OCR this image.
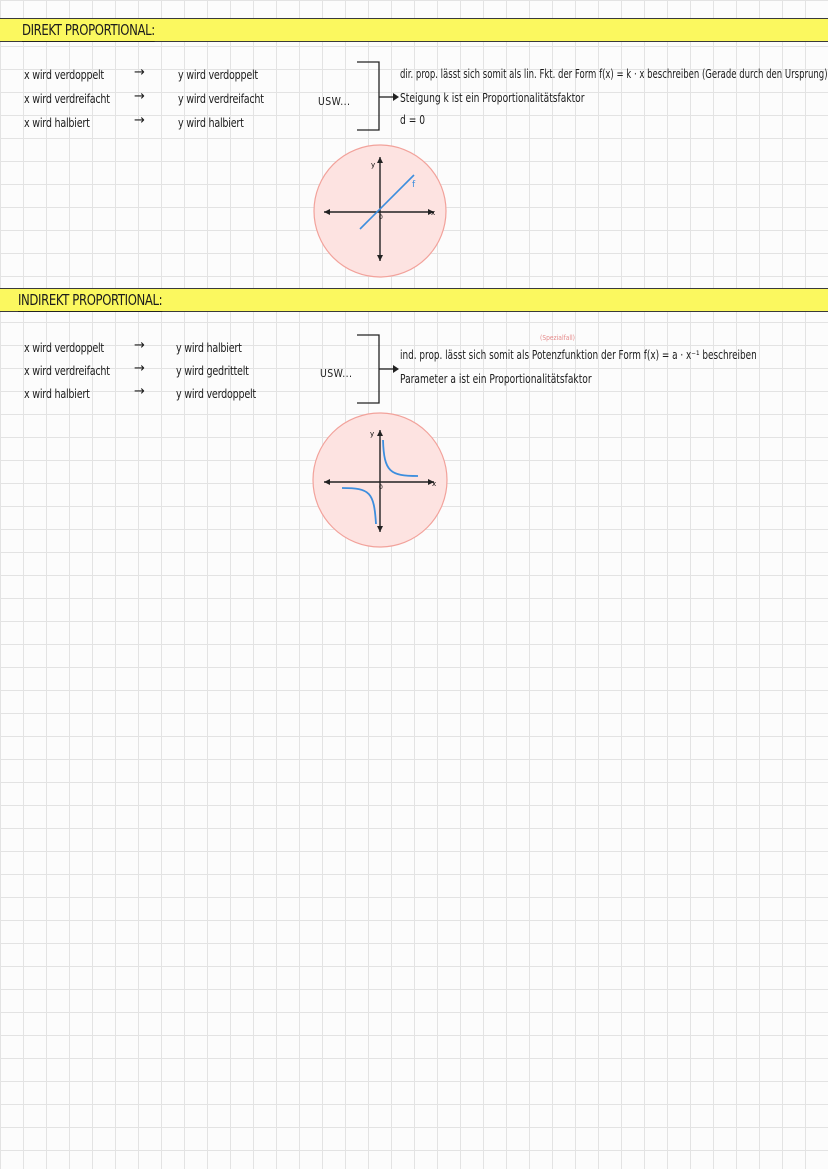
DIREKT PROPORTIONAL:
x wird verdoppelt →	y wird verdoppelt
x wird verdreifacht →	y wird verdreifacht
x wird halbiert	→	y wird halbiert
USW...
dir. prop. lässt sich somit als lin. Fkt. der Form f(x) = k · x beschreiben (Gerade durch den Ursprung)
Steigung k ist ein Proportionalitätsfaktor
d = 0
y
x
0
f
INDIREKT PROPORTIONAL:
x wird verdoppelt →	y wird halbiert
x wird verdreifacht →	y wird gedrittelt
x wird halbiert	→	y wird verdoppelt
USW...
(Spezialfall)
ind. prop. lässt sich somit als Potenzfunktion der Form f(x) = a · x⁻¹ beschreiben
Parameter a ist ein Proportionalitätsfaktor
y
x
0
